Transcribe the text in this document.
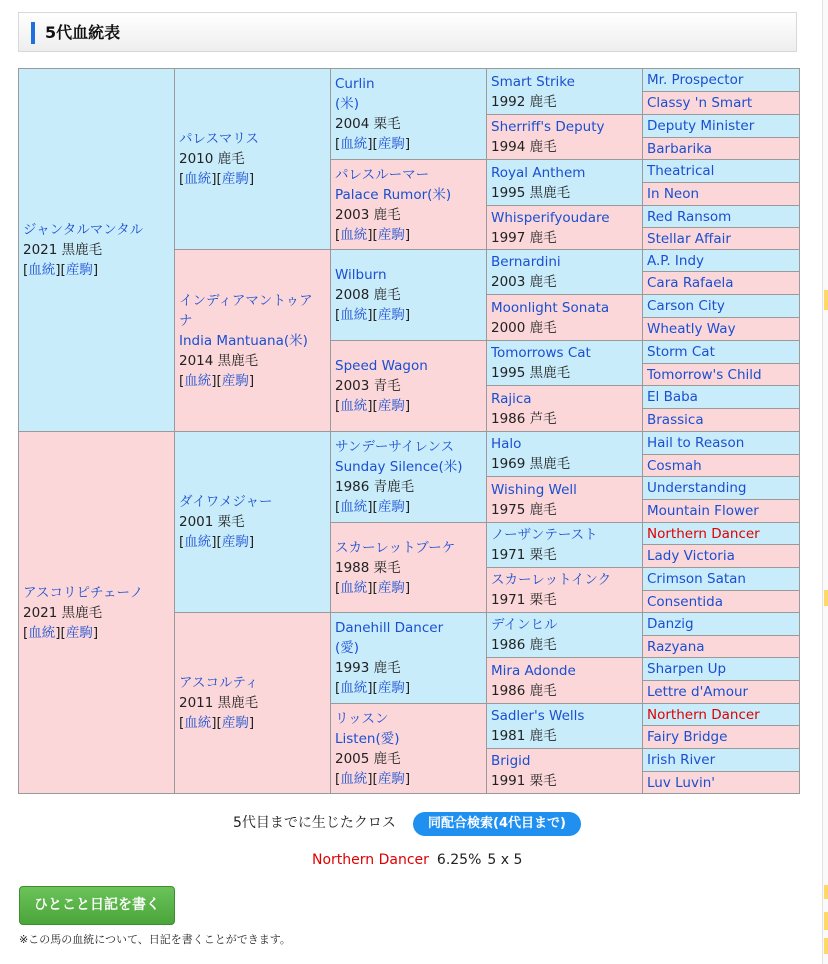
5代血統表
ジャンタルマンタル
2021 黒鹿毛
[血統][産駒]	パレスマリス
2010 鹿毛
[血統][産駒]	Curlin
(米)
2004 栗毛
[血統][産駒]	Smart Strike
1992 鹿毛	Mr. Prospector
				Classy 'n Smart
			Sherriff's Deputy
1994 鹿毛	Deputy Minister
				Barbarika
		パレスルーマー
Palace Rumor(米)
2003 鹿毛
[血統][産駒]	Royal Anthem
1995 黒鹿毛	Theatrical
				In Neon
			Whisperifyoudare
1997 鹿毛	Red Ransom
				Stellar Affair
	インディアマントゥアナ
India Mantuana(米)
2014 黒鹿毛
[血統][産駒]	Wilburn
2008 鹿毛
[血統][産駒]	Bernardini
2003 鹿毛	A.P. Indy
				Cara Rafaela
			Moonlight Sonata
2000 鹿毛	Carson City
				Wheatly Way
		Speed Wagon
2003 青毛
[血統][産駒]	Tomorrows Cat
1995 黒鹿毛	Storm Cat
				Tomorrow's Child
			Rajica
1986 芦毛	El Baba
				Brassica
アスコリピチェーノ
2021 黒鹿毛
[血統][産駒]	ダイワメジャー
2001 栗毛
[血統][産駒]	サンデーサイレンス
Sunday Silence(米)
1986 青鹿毛
[血統][産駒]	Halo
1969 黒鹿毛	Hail to Reason
				Cosmah
			Wishing Well
1975 鹿毛	Understanding
				Mountain Flower
		スカーレットブーケ
1988 栗毛
[血統][産駒]	ノーザンテースト
1971 栗毛	Northern Dancer
				Lady Victoria
			スカーレットインク
1971 栗毛	Crimson Satan
				Consentida
	アスコルティ
2011 黒鹿毛
[血統][産駒]	Danehill Dancer
(愛)
1993 鹿毛
[血統][産駒]	デインヒル
1986 鹿毛	Danzig
				Razyana
			Mira Adonde
1986 鹿毛	Sharpen Up
				Lettre d'Amour
		リッスン
Listen(愛)
2005 鹿毛
[血統][産駒]	Sadler's Wells
1981 鹿毛	Northern Dancer
				Fairy Bridge
			Brigid
1991 栗毛	Irish River
				Luv Luvin'
5代目までに生じたクロス	同配合検索(4代目まで)
Northern Dancer 6.25% 5 x 5
ひとこと日記を書く
※この馬の血統について、日記を書くことができます。
